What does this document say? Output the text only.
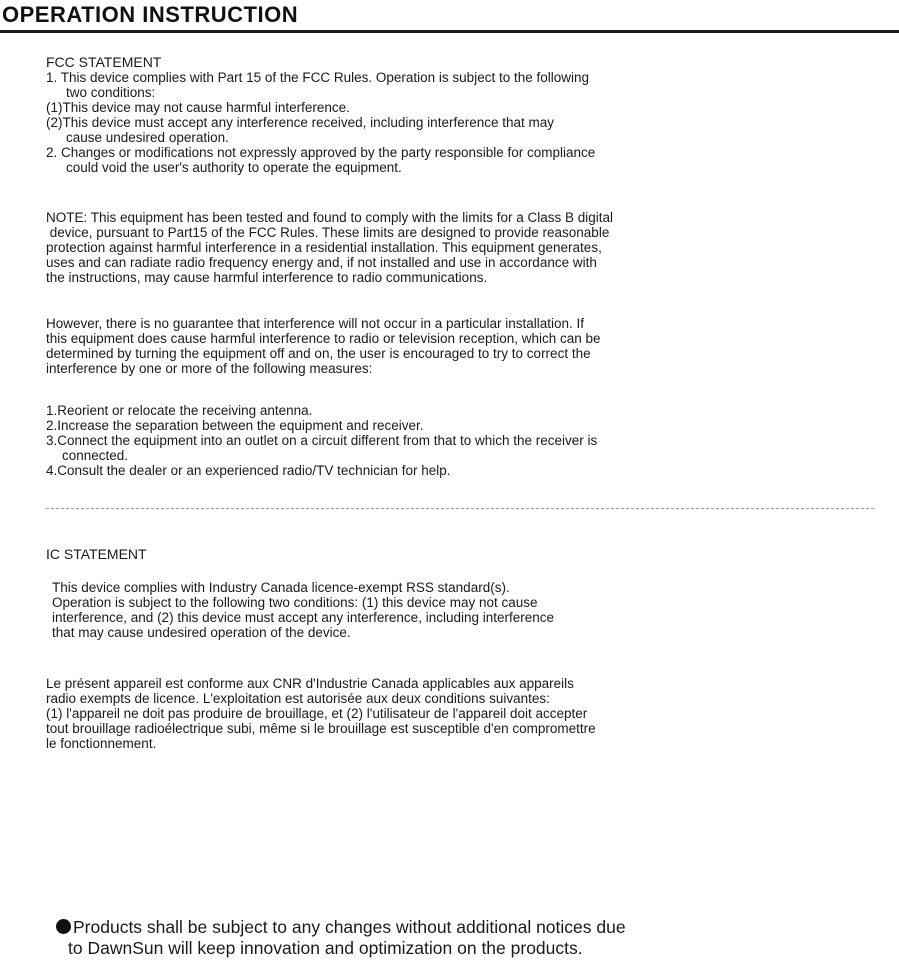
OPERATION INSTRUCTION

FCC STATEMENT

1. This device complies with Part 15 of the FCC Rules. Operation is subject to the following

two conditions:

(1)This device may not cause harmful interference.

(2)This device must accept any interference received, including interference that may

cause undesired operation.

2. Changes or modifications not expressly approved by the party responsible for compliance

could void the user's authority to operate the equipment.

NOTE: This equipment has been tested and found to comply with the limits for a Class B digital

device, pursuant to Part15 of the FCC Rules. These limits are designed to provide reasonable

protection against harmful interference in a residential installation. This equipment generates,

uses and can radiate radio frequency energy and, if not installed and use in accordance with

the instructions, may cause harmful interference to radio communications.

However, there is no guarantee that interference will not occur in a particular installation. If

this equipment does cause harmful interference to radio or television reception, which can be

determined by turning the equipment off and on, the user is encouraged to try to correct the

interference by one or more of the following measures:

1.Reorient or relocate the receiving antenna.

2.Increase the separation between the equipment and receiver.

3.Connect the equipment into an outlet on a circuit different from that to which the receiver is

connected.

4.Consult the dealer or an experienced radio/TV technician for help.

IC STATEMENT

This device complies with Industry Canada licence-exempt RSS standard(s).

Operation is subject to the following two conditions: (1) this device may not cause

interference, and (2) this device must accept any interference, including interference

that may cause undesired operation of the device.

Le présent appareil est conforme aux CNR d'Industrie Canada applicables aux appareils

radio exempts de licence. L'exploitation est autorisée aux deux conditions suivantes:

(1) l'appareil ne doit pas produire de brouillage, et (2) l'utilisateur de l'appareil doit accepter

tout brouillage radioélectrique subi, même si le brouillage est susceptible d'en compromettre

le fonctionnement.

Products shall be subject to any changes without additional notices due

to DawnSun will keep innovation and optimization on the products.
